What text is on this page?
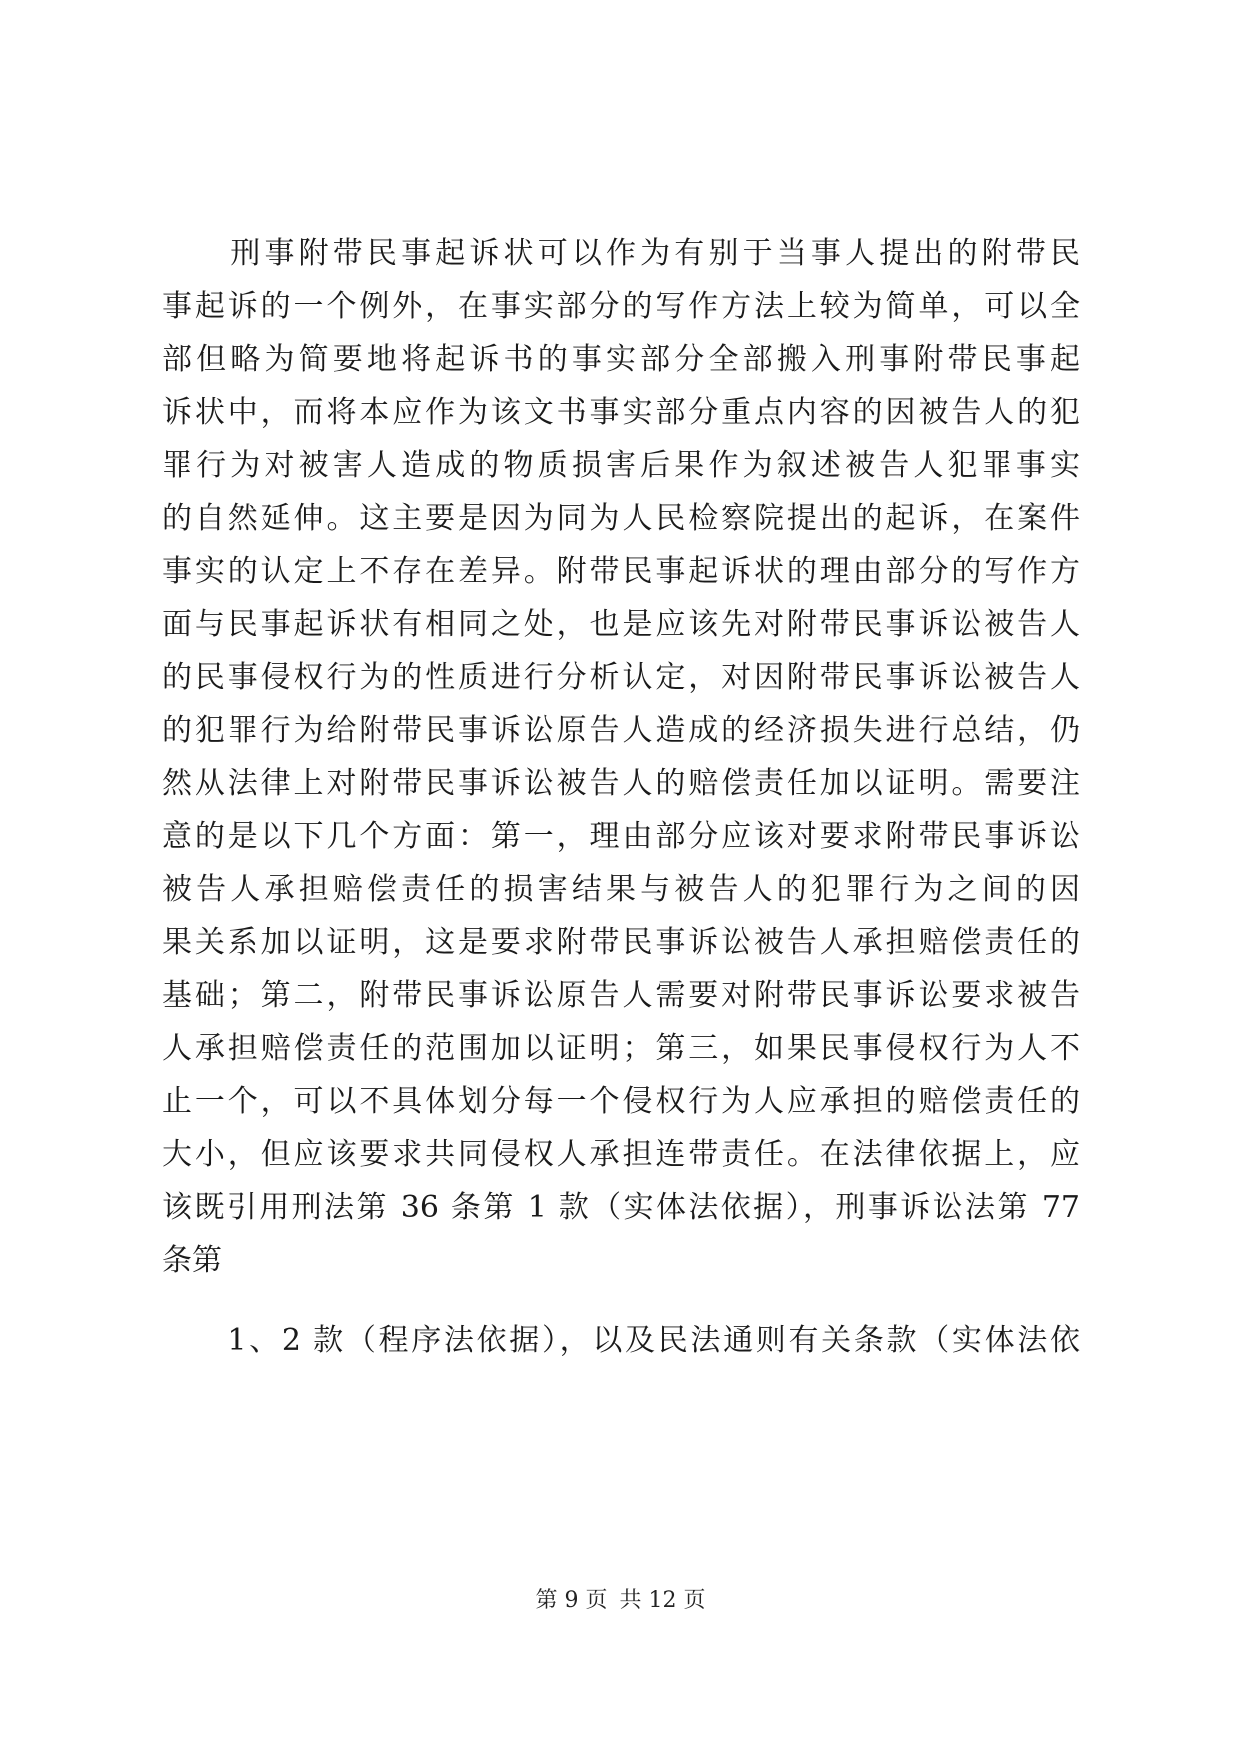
　　刑事附带民事起诉状可以作为有别于当事人提出的附带民
事起诉的一个例外，在事实部分的写作方法上较为简单，可以全
部但略为简要地将起诉书的事实部分全部搬入刑事附带民事起
诉状中，而将本应作为该文书事实部分重点内容的因被告人的犯
罪行为对被害人造成的物质损害后果作为叙述被告人犯罪事实
的自然延伸。这主要是因为同为人民检察院提出的起诉，在案件
事实的认定上不存在差异。附带民事起诉状的理由部分的写作方
面与民事起诉状有相同之处，也是应该先对附带民事诉讼被告人
的民事侵权行为的性质进行分析认定，对因附带民事诉讼被告人
的犯罪行为给附带民事诉讼原告人造成的经济损失进行总结，仍
然从法律上对附带民事诉讼被告人的赔偿责任加以证明。需要注
意的是以下几个方面：第一，理由部分应该对要求附带民事诉讼
被告人承担赔偿责任的损害结果与被告人的犯罪行为之间的因
果关系加以证明，这是要求附带民事诉讼被告人承担赔偿责任的
基础；第二，附带民事诉讼原告人需要对附带民事诉讼要求被告
人承担赔偿责任的范围加以证明；第三，如果民事侵权行为人不
止一个，可以不具体划分每一个侵权行为人应承担的赔偿责任的
大小，但应该要求共同侵权人承担连带责任。在法律依据上，应
该既引用刑法第 36 条第 1 款（实体法依据），刑事诉讼法第 77
条第
　　1、2 款（程序法依据），以及民法通则有关条款（实体法依
第 9 页 共 12 页
